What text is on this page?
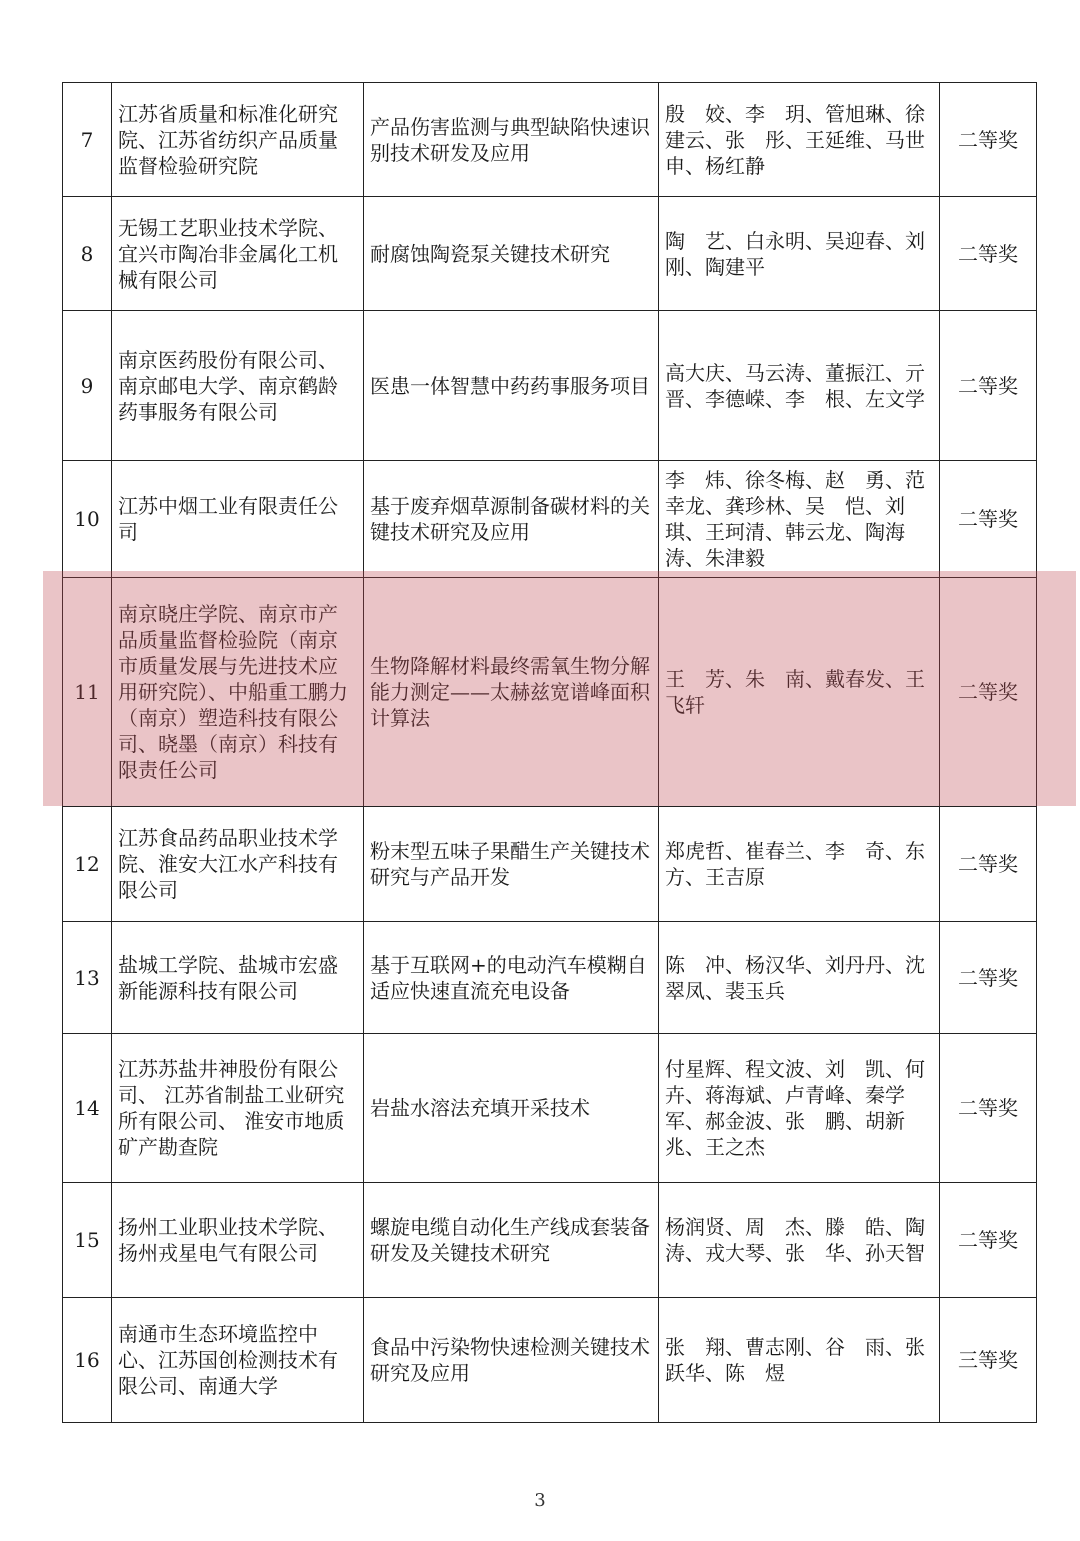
7	江苏省质量和标准化研究院、江苏省纺织产品质量监督检验研究院	产品伤害监测与典型缺陷快速识别技术研发及应用	殷　姣、李　玥、管旭琳、徐建云、张　彤、王延维、马世申、杨红静	二等奖
8	无锡工艺职业技术学院、宜兴市陶冶非金属化工机械有限公司	耐腐蚀陶瓷泵关键技术研究	陶　艺、白永明、吴迎春、刘　刚、陶建平	二等奖
9	南京医药股份有限公司、南京邮电大学、南京鹤龄药事服务有限公司	医患一体智慧中药药事服务项目	高大庆、马云涛、董振江、亓　晋、李德嵘、李　根、左文学	二等奖
10	江苏中烟工业有限责任公司	基于废弃烟草源制备碳材料的关键技术研究及应用	李　炜、徐冬梅、赵　勇、范幸龙、龚珍林、吴　恺、刘　琪、王珂清、韩云龙、陶海涛、朱津毅	二等奖
11	南京晓庄学院、南京市产品质量监督检验院（南京市质量发展与先进技术应用研究院）、中船重工鹏力（南京）塑造科技有限公司、晓墨（南京）科技有限责任公司	生物降解材料最终需氧生物分解能力测定——太赫兹宽谱峰面积计算法	王　芳、朱　南、戴春发、王飞轩	二等奖
12	江苏食品药品职业技术学院、淮安大江水产科技有限公司	粉末型五味子果醋生产关键技术研究与产品开发	郑虎哲、崔春兰、李　奇、东　方、王吉原	二等奖
13	盐城工学院、盐城市宏盛新能源科技有限公司	基于互联网+的电动汽车模糊自适应快速直流充电设备	陈　冲、杨汉华、刘丹丹、沈翠凤、裴玉兵	二等奖
14	江苏苏盐井神股份有限公司、 江苏省制盐工业研究所有限公司、 淮安市地质矿产勘查院	岩盐水溶法充填开采技术	付星辉、程文波、刘　凯、何　卉、蒋海斌、卢青峰、秦学军、郝金波、张　鹏、胡新兆、王之杰	二等奖
15	扬州工业职业技术学院、扬州戎星电气有限公司	螺旋电缆自动化生产线成套装备研发及关键技术研究	杨润贤、周　杰、滕　皓、陶　涛、戎大琴、张　华、孙天智	二等奖
16	南通市生态环境监控中心、江苏国创检测技术有限公司、南通大学	食品中污染物快速检测关键技术研究及应用	张　翔、曹志刚、谷　雨、张跃华、陈　煜	三等奖
3
